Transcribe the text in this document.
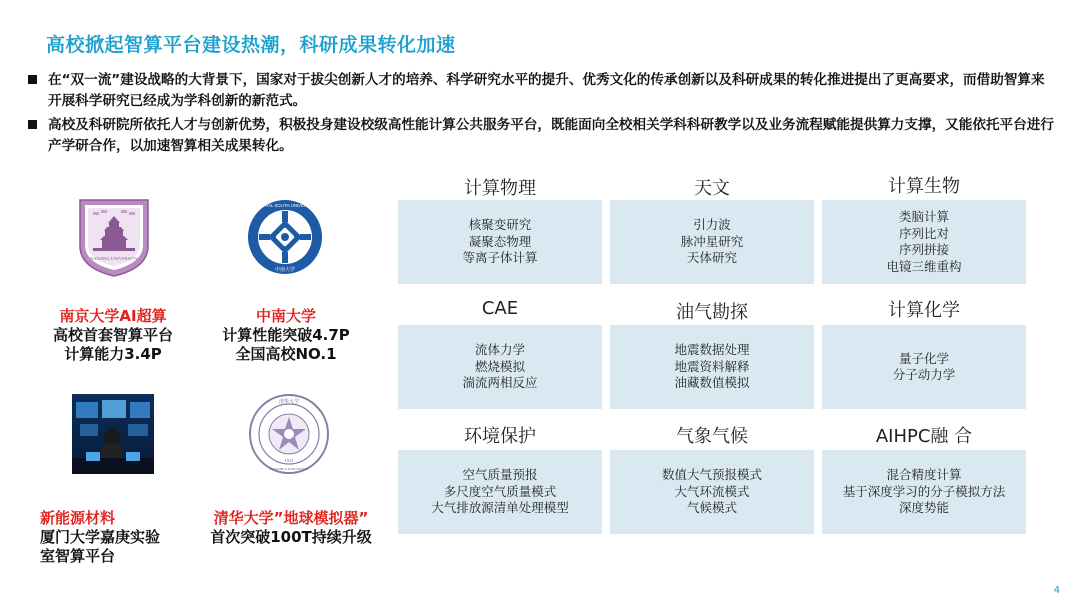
高校掀起智算平台建设热潮，科研成果转化加速
在“双一流”建设战略的大背景下，国家对于拔尖创新人才的培养、科学研究水平的提升、优秀文化的传承创新以及科研成果的转化推进提出了更高要求，而借助智算来开展科学研究已经成为学科创新的新范式。
高校及科研院所依托人才与创新优势，积极投身建设校级高性能计算公共服务平台，既能面向全校相关学科科研教学以及业务流程赋能提供算力支撑，又能依托平台进行产学研合作，以加速智算相关成果转化。
NANJING UNIVERSITY
CENTRAL SOUTH UNIVERSITY
中南大学
清华大学
TSINGHUA UNIVERSITY
1911
南京大学AI超算
高校首套智算平台
计算能力3.4P
中南大学
计算性能突破4.7P
全国高校NO.1
新能源材料
厦门大学嘉庚实验
室智算平台
清华大学”地球模拟器”
首次突破100T持续升级
计算物理
核聚变研究
凝聚态物理
等离子体计算
天文
引力波
脉冲星研究
天体研究
计算生物
类脑计算
序列比对
序列拼接
电镜三维重构
CAE
流体力学
燃烧模拟
湍流两相反应
油气勘探
地震数据处理
地震资料解释
油藏数值模拟
计算化学
量子化学
分子动力学
环境保护
空气质量预报
多尺度空气质量模式
大气排放源清单处理模型
气象气候
数值大气预报模式
大气环流模式
气候模式
AIHPC融 合
混合精度计算
基于深度学习的分子模拟方法
深度势能
4
